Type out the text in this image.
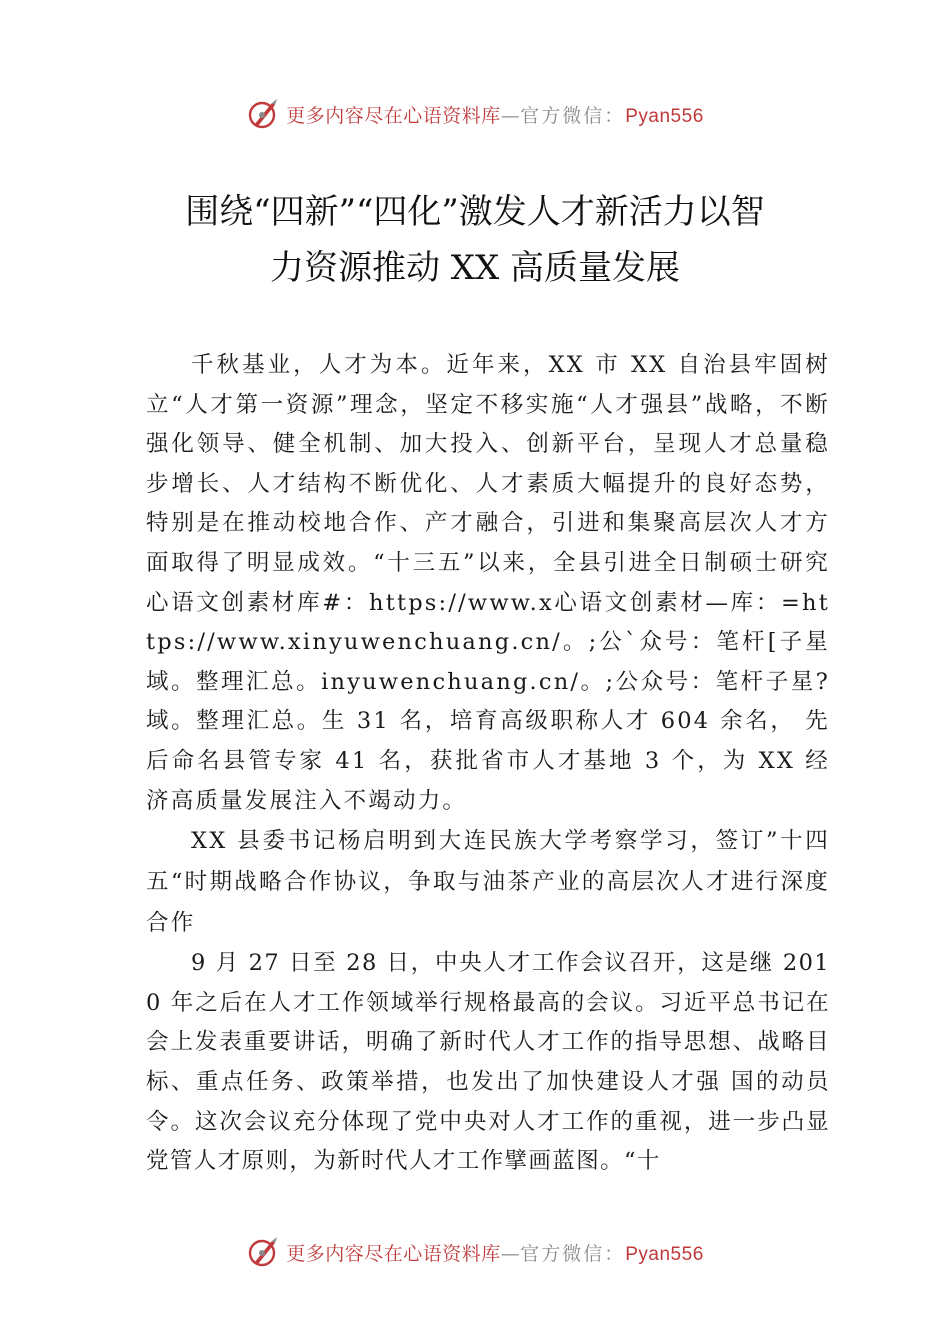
更多内容尽在心语资料库—官方微信：Pyan556
围绕“四新”“四化”激发人才新活力以智
力资源推动 XX 高质量发展

千秋基业，人才为本。近年来，XX 市 XX 自治县牢固树立“人才第一资源”理念，坚定不移实施“人才强县”战略，不断强化领导、健全机制、加大投入、创新平台，呈现人才总量稳步增长、人才结构不断优化、人才素质大幅提升的良好态势，特别是在推动校地合作、产才融合，引进和集聚高层次人才方面取得了明显成效。“十三五”以来，全县引进全日制硕士研究心语文创素材库#：https://www.x心语文创素材—库：=https://www.xinyuwenchuang.cn/。;公`众号：笔杆[子星域。整理汇总。inyuwenchuang.cn/。;公众号：笔杆子星?域。整理汇总。生 31 名，培育高级职称人才 604 余名， 先后命名县管专家 41 名，获批省市人才基地 3 个，为 XX 经济高质量发展注入不竭动力。

XX 县委书记杨启明到大连民族大学考察学习，签订”十四五“时期战略合作协议，争取与油茶产业的高层次人才进行深度合作

9 月 27 日至 28 日，中央人才工作会议召开，这是继 2010 年之后在人才工作领域举行规格最高的会议。习近平总书记在会上发表重要讲话，明确了新时代人才工作的指导思想、战略目标、重点任务、政策举措，也发出了加快建设人才强 国的动员令。这次会议充分体现了党中央对人才工作的重视，进一步凸显党管人才原则，为新时代人才工作擘画蓝图。“十

更多内容尽在心语资料库—官方微信：Pyan556
